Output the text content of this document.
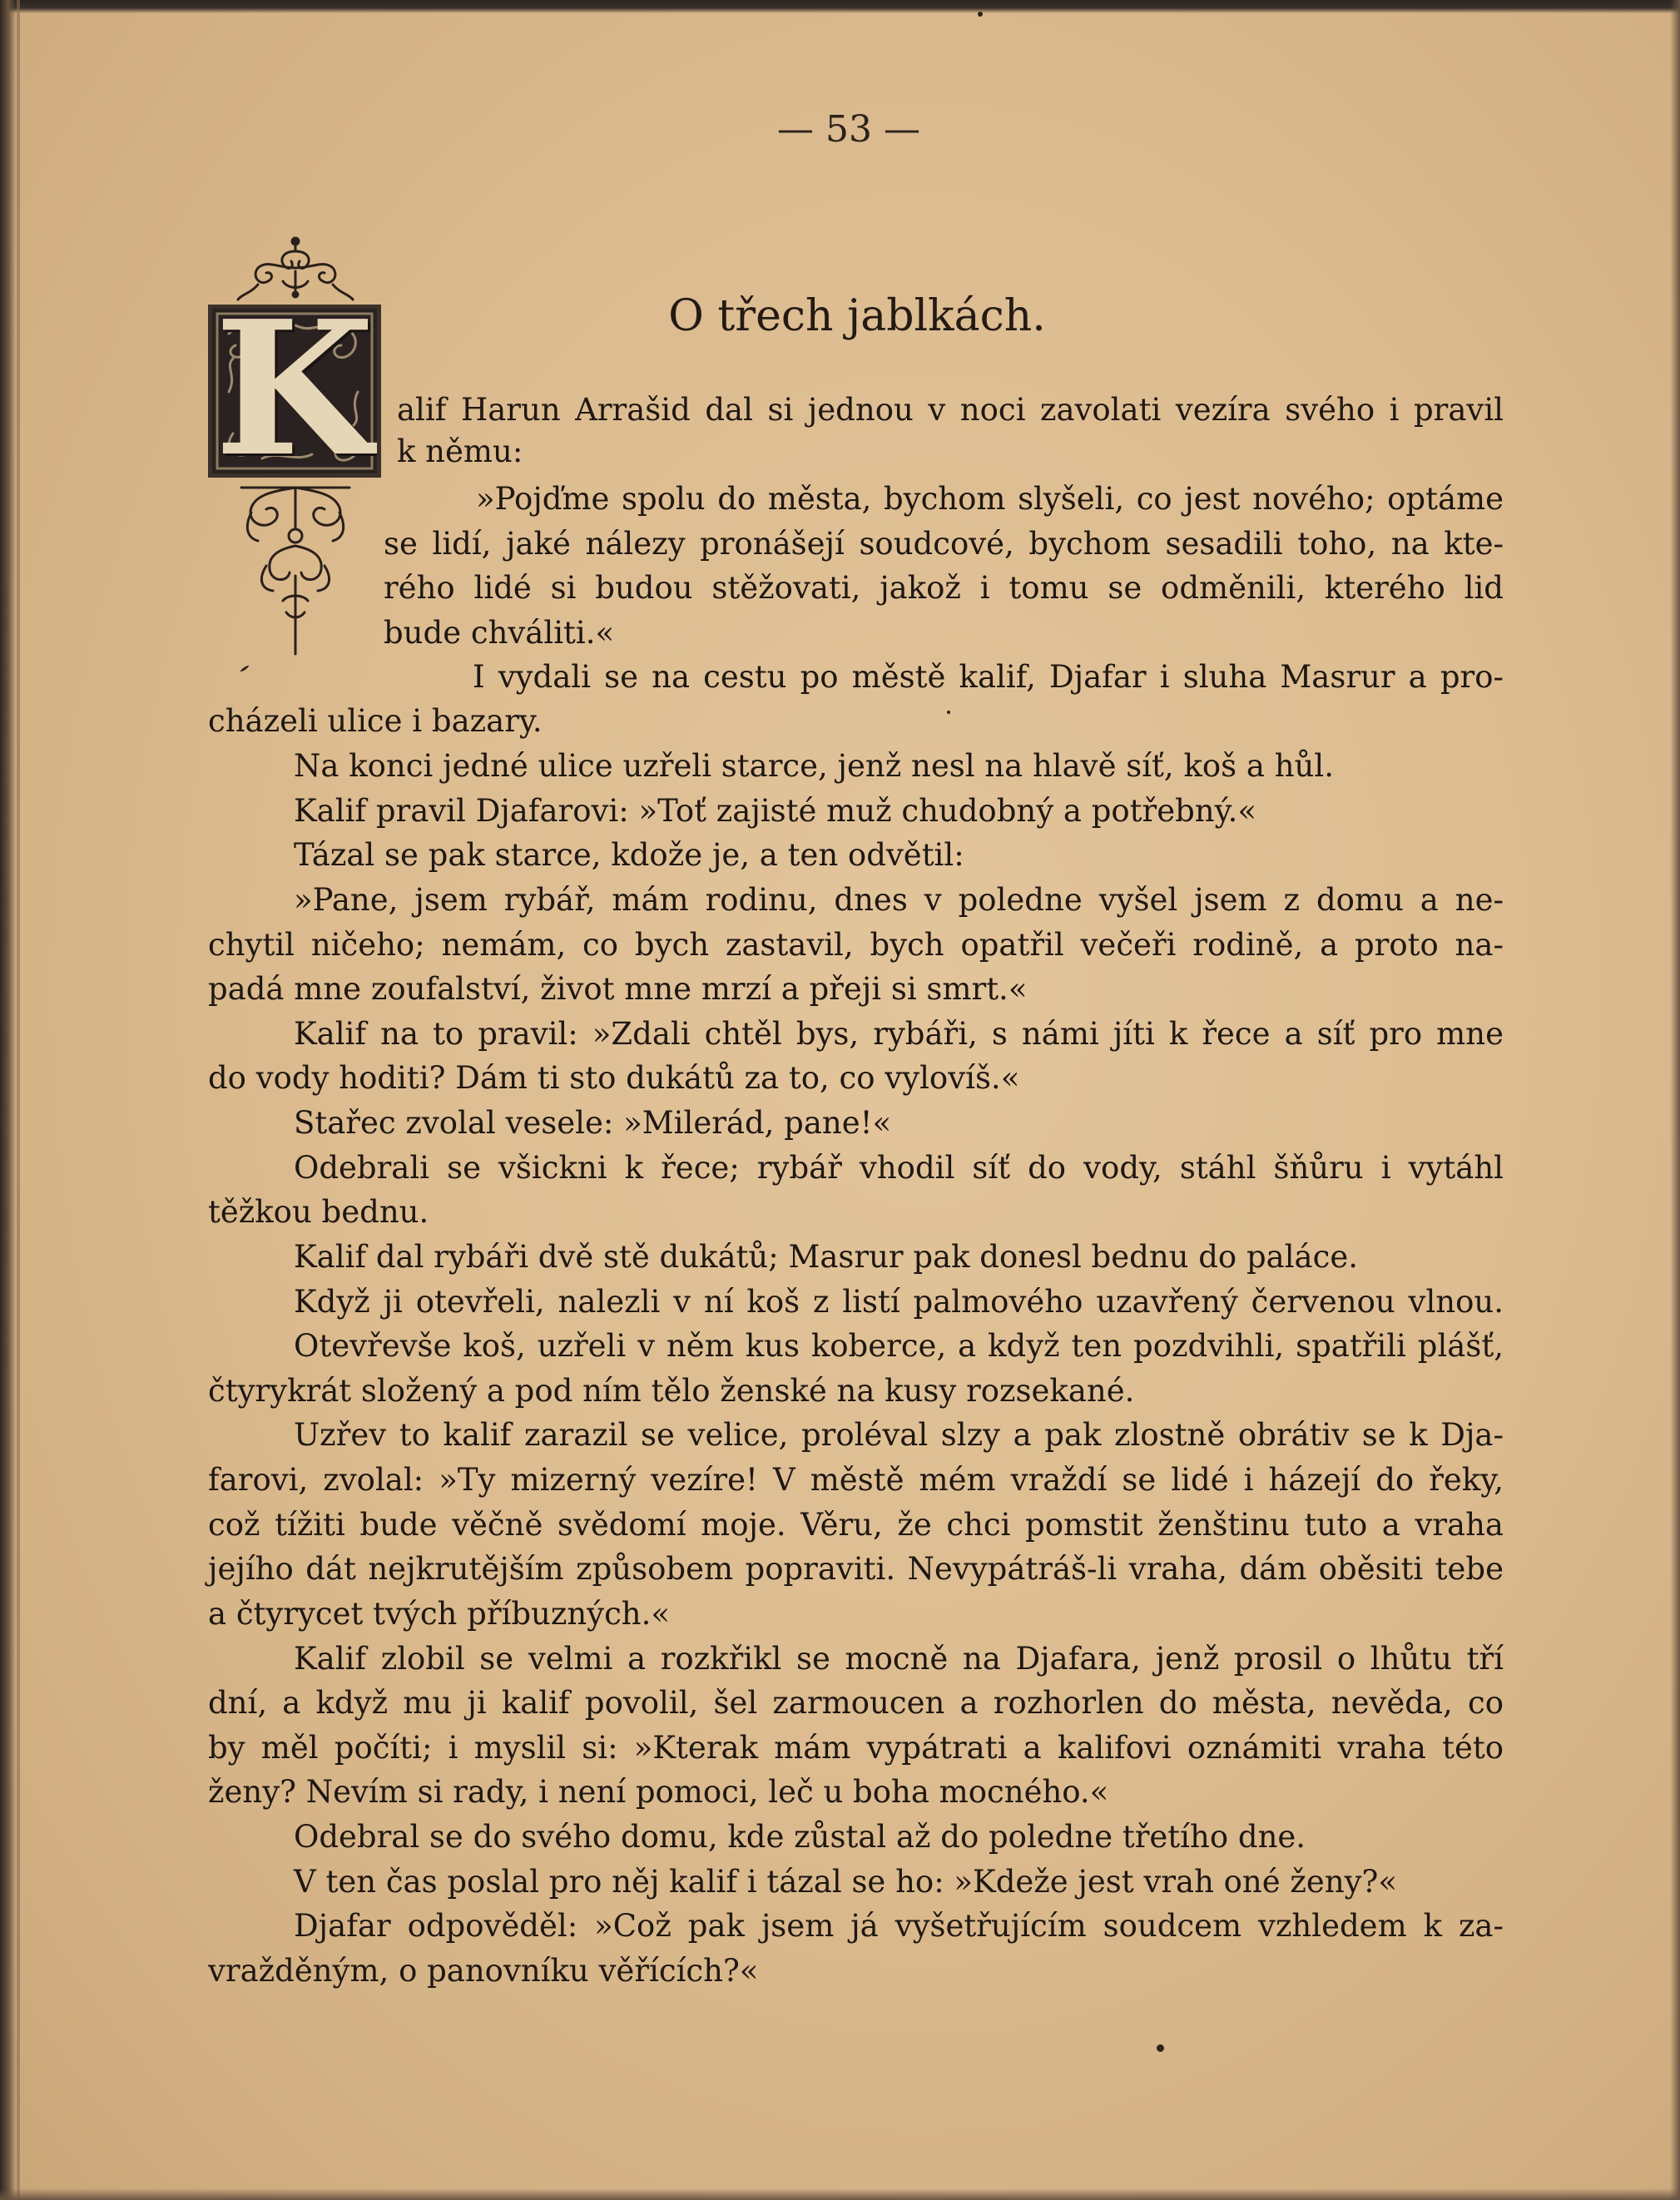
— 53 —
O třech jablkách.
K alif Harun Arrašid dal si jednou v noci zavolati vezíra svého i pravil

k němu:

»Pojďme spolu do města, bychom slyšeli, co jest nového; optáme

se lidí, jaké nálezy pronášejí soudcové, bychom sesadili toho, na kte-

rého lidé si budou stěžovati, jakož i tomu se odměnili, kterého lid

bude chváliti.«

I vydali se na cestu po městě kalif, Djafar i sluha Masrur a pro-

cházeli ulice i bazary.

Na konci jedné ulice uzřeli starce, jenž nesl na hlavě síť, koš a hůl.

Kalif pravil Djafarovi: »Toť zajisté muž chudobný a potřebný.«

Tázal se pak starce, kdože je, a ten odvětil:

»Pane, jsem rybář, mám rodinu, dnes v poledne vyšel jsem z domu a ne-

chytil ničeho; nemám, co bych zastavil, bych opatřil večeři rodině, a proto na-

padá mne zoufalství, život mne mrzí a přeji si smrt.«

Kalif na to pravil: »Zdali chtěl bys, rybáři, s námi jíti k řece a síť pro mne

do vody hoditi? Dám ti sto dukátů za to, co vylovíš.«

Stařec zvolal vesele: »Milerád, pane!«

Odebrali se všickni k řece; rybář vhodil síť do vody, stáhl šňůru i vytáhl

těžkou bednu.

Kalif dal rybáři dvě stě dukátů; Masrur pak donesl bednu do paláce.

Když ji otevřeli, nalezli v ní koš z listí palmového uzavřený červenou vlnou.

Otevřevše koš, uzřeli v něm kus koberce, a když ten pozdvihli, spatřili plášť,

čtyrykrát složený a pod ním tělo ženské na kusy rozsekané.

Uzřev to kalif zarazil se velice, proléval slzy a pak zlostně obrátiv se k Dja-

farovi, zvolal: »Ty mizerný vezíre! V městě mém vraždí se lidé i házejí do řeky,

což tížiti bude věčně svědomí moje. Věru, že chci pomstit ženštinu tuto a vraha

jejího dát nejkrutějším způsobem popraviti. Nevypátráš-li vraha, dám oběsiti tebe

a čtyrycet tvých příbuzných.«

Kalif zlobil se velmi a rozkřikl se mocně na Djafara, jenž prosil o lhůtu tří

dní, a když mu ji kalif povolil, šel zarmoucen a rozhorlen do města, nevěda, co

by měl počíti; i myslil si: »Kterak mám vypátrati a kalifovi oznámiti vraha této

ženy? Nevím si rady, i není pomoci, leč u boha mocného.«

Odebral se do svého domu, kde zůstal až do poledne třetího dne.

V ten čas poslal pro něj kalif i tázal se ho: »Kdeže jest vrah oné ženy?«

Djafar odpověděl: »Což pak jsem já vyšetřujícím soudcem vzhledem k za-

vražděným, o panovníku věřících?«
